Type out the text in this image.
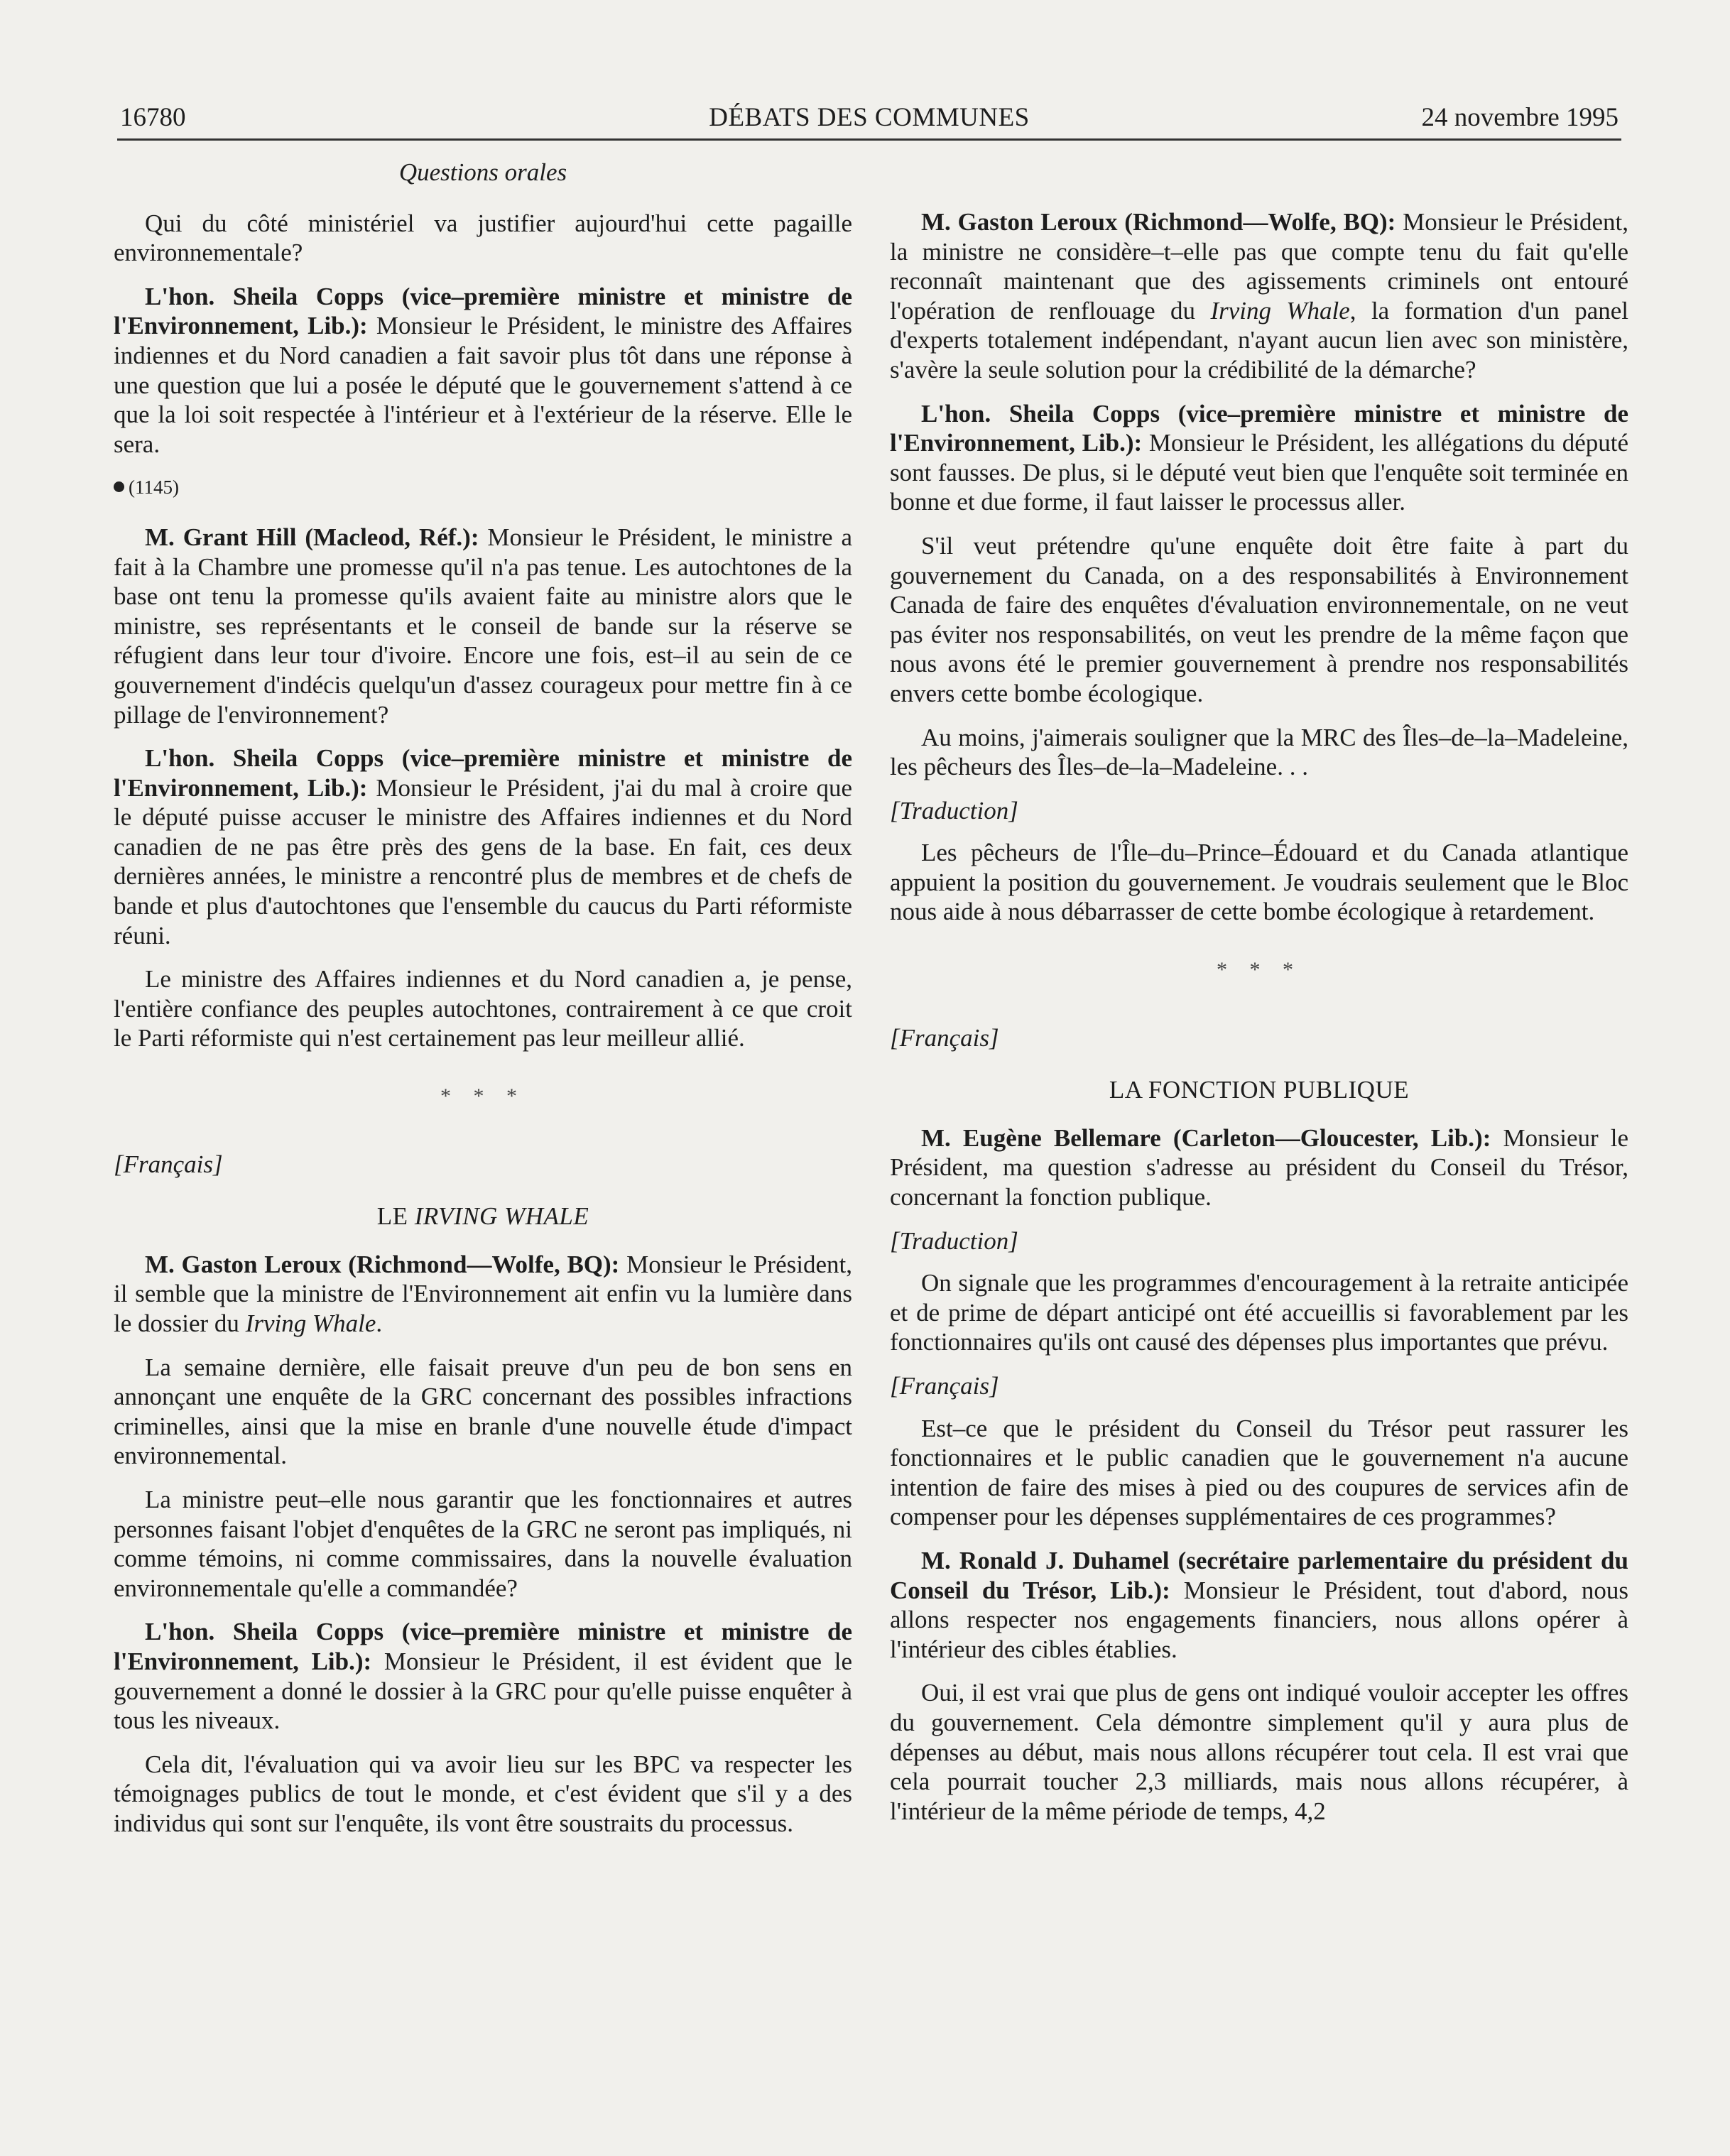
16780	DÉBATS DES COMMUNES	24 novembre 1995

Questions orales

Qui du côté ministériel va justifier aujourd'hui cette pagaille environnementale?

L'hon. Sheila Copps (vice–première ministre et ministre de l'Environnement, Lib.): Monsieur le Président, le ministre des Affaires indiennes et du Nord canadien a fait savoir plus tôt dans une réponse à une question que lui a posée le député que le gouvernement s'attend à ce que la loi soit respectée à l'intérieur et à l'extérieur de la réserve. Elle le sera.

(1145)

M. Grant Hill (Macleod, Réf.): Monsieur le Président, le ministre a fait à la Chambre une promesse qu'il n'a pas tenue. Les autochtones de la base ont tenu la promesse qu'ils avaient faite au ministre alors que le ministre, ses représentants et le conseil de bande sur la réserve se réfugient dans leur tour d'ivoire. Encore une fois, est–il au sein de ce gouvernement d'indécis quelqu'un d'assez courageux pour mettre fin à ce pillage de l'environnement?

L'hon. Sheila Copps (vice–première ministre et ministre de l'Environnement, Lib.): Monsieur le Président, j'ai du mal à croire que le député puisse accuser le ministre des Affaires indiennes et du Nord canadien de ne pas être près des gens de la base. En fait, ces deux dernières années, le ministre a rencontré plus de membres et de chefs de bande et plus d'autochtones que l'ensemble du caucus du Parti réformiste réuni.

Le ministre des Affaires indiennes et du Nord canadien a, je pense, l'entière confiance des peuples autochtones, contrairement à ce que croit le Parti réformiste qui n'est certainement pas leur meilleur allié.

* * *
[Français]
LE IRVING WHALE

M. Gaston Leroux (Richmond—Wolfe, BQ): Monsieur le Président, il semble que la ministre de l'Environnement ait enfin vu la lumière dans le dossier du Irving Whale.

La semaine dernière, elle faisait preuve d'un peu de bon sens en annonçant une enquête de la GRC concernant des possibles infractions criminelles, ainsi que la mise en branle d'une nouvelle étude d'impact environnemental.

La ministre peut–elle nous garantir que les fonctionnaires et autres personnes faisant l'objet d'enquêtes de la GRC ne seront pas impliqués, ni comme témoins, ni comme commissaires, dans la nouvelle évaluation environnementale qu'elle a commandée?

L'hon. Sheila Copps (vice–première ministre et ministre de l'Environnement, Lib.): Monsieur le Président, il est évident que le gouvernement a donné le dossier à la GRC pour qu'elle puisse enquêter à tous les niveaux.

Cela dit, l'évaluation qui va avoir lieu sur les BPC va respecter les témoignages publics de tout le monde, et c'est évident que s'il y a des individus qui sont sur l'enquête, ils vont être soustraits du processus.

M. Gaston Leroux (Richmond—Wolfe, BQ): Monsieur le Président, la ministre ne considère–t–elle pas que compte tenu du fait qu'elle reconnaît maintenant que des agissements criminels ont entouré l'opération de renflouage du Irving Whale, la formation d'un panel d'experts totalement indépendant, n'ayant aucun lien avec son ministère, s'avère la seule solution pour la crédibilité de la démarche?

L'hon. Sheila Copps (vice–première ministre et ministre de l'Environnement, Lib.): Monsieur le Président, les allégations du député sont fausses. De plus, si le député veut bien que l'enquête soit terminée en bonne et due forme, il faut laisser le processus aller.

S'il veut prétendre qu'une enquête doit être faite à part du gouvernement du Canada, on a des responsabilités à Environnement Canada de faire des enquêtes d'évaluation environnementale, on ne veut pas éviter nos responsabilités, on veut les prendre de la même façon que nous avons été le premier gouvernement à prendre nos responsabilités envers cette bombe écologique.

Au moins, j'aimerais souligner que la MRC des Îles–de–la–Madeleine, les pêcheurs des Îles–de–la–Madeleine. . .

[Traduction]

Les pêcheurs de l'Île–du–Prince–Édouard et du Canada atlantique appuient la position du gouvernement. Je voudrais seulement que le Bloc nous aide à nous débarrasser de cette bombe écologique à retardement.

* * *
[Français]
LA FONCTION PUBLIQUE

M. Eugène Bellemare (Carleton—Gloucester, Lib.): Monsieur le Président, ma question s'adresse au président du Conseil du Trésor, concernant la fonction publique.

[Traduction]

On signale que les programmes d'encouragement à la retraite anticipée et de prime de départ anticipé ont été accueillis si favorablement par les fonctionnaires qu'ils ont causé des dépenses plus importantes que prévu.

[Français]

Est–ce que le président du Conseil du Trésor peut rassurer les fonctionnaires et le public canadien que le gouvernement n'a aucune intention de faire des mises à pied ou des coupures de services afin de compenser pour les dépenses supplémentaires de ces programmes?

M. Ronald J. Duhamel (secrétaire parlementaire du président du Conseil du Trésor, Lib.): Monsieur le Président, tout d'abord, nous allons respecter nos engagements financiers, nous allons opérer à l'intérieur des cibles établies.

Oui, il est vrai que plus de gens ont indiqué vouloir accepter les offres du gouvernement. Cela démontre simplement qu'il y aura plus de dépenses au début, mais nous allons récupérer tout cela. Il est vrai que cela pourrait toucher 2,3 milliards, mais nous allons récupérer, à l'intérieur de la même période de temps, 4,2
